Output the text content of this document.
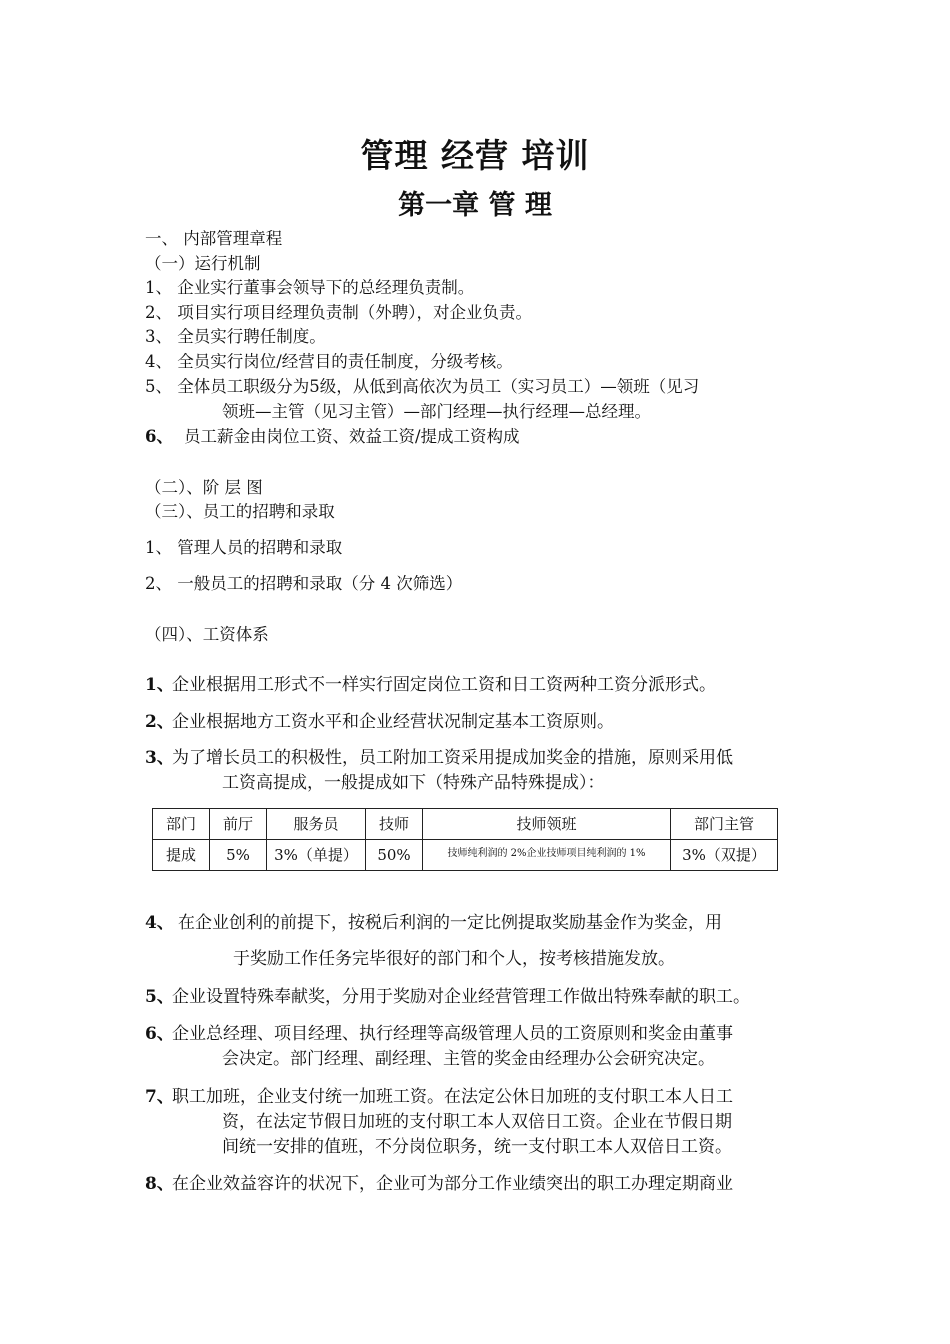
管理 经营 培训
第一章 管 理
一、 内部管理章程
（一）运行机制
1、 企业实行董事会领导下的总经理负责制。
2、 项目实行项目经理负责制（外聘），对企业负责。
3、 全员实行聘任制度。
4、 全员实行岗位/经营目的责任制度，分级考核。
5、 全体员工职级分为5级，从低到高依次为员工（实习员工）—领班（见习
领班—主管（见习主管）—部门经理—执行经理—总经理。
6、 员工薪金由岗位工资、效益工资/提成工资构成
（二）、阶 层 图
（三）、员工的招聘和录取
1、 管理人员的招聘和录取
2、 一般员工的招聘和录取（分 4 次筛选）
（四）、工资体系
1、
企业根据用工形式不一样实行固定岗位工资和日工资两种工资分派形式。
2、
企业根据地方工资水平和企业经营状况制定基本工资原则。
3、
为了增长员工的积极性，员工附加工资采用提成加奖金的措施，原则采用低
工资高提成，一般提成如下（特殊产品特殊提成）：
部门	前厅	服务员	技师	技师领班	部门主管
提成	5%	3%（单提）	50%	技师纯利润的 2%企业技师项目纯利润的 1%	3%（双提）
4、 在企业创利的前提下，按税后利润的一定比例提取奖励基金作为奖金，用
于奖励工作任务完毕很好的部门和个人，按考核措施发放。
5、
企业设置特殊奉献奖，分用于奖励对企业经营管理工作做出特殊奉献的职工。
6、
企业总经理、项目经理、执行经理等高级管理人员的工资原则和奖金由董事
会决定。部门经理、副经理、主管的奖金由经理办公会研究决定。
7、
职工加班，企业支付统一加班工资。在法定公休日加班的支付职工本人日工
资，在法定节假日加班的支付职工本人双倍日工资。企业在节假日期
间统一安排的值班，不分岗位职务，统一支付职工本人双倍日工资。
8、
在企业效益容许的状况下，企业可为部分工作业绩突出的职工办理定期商业
